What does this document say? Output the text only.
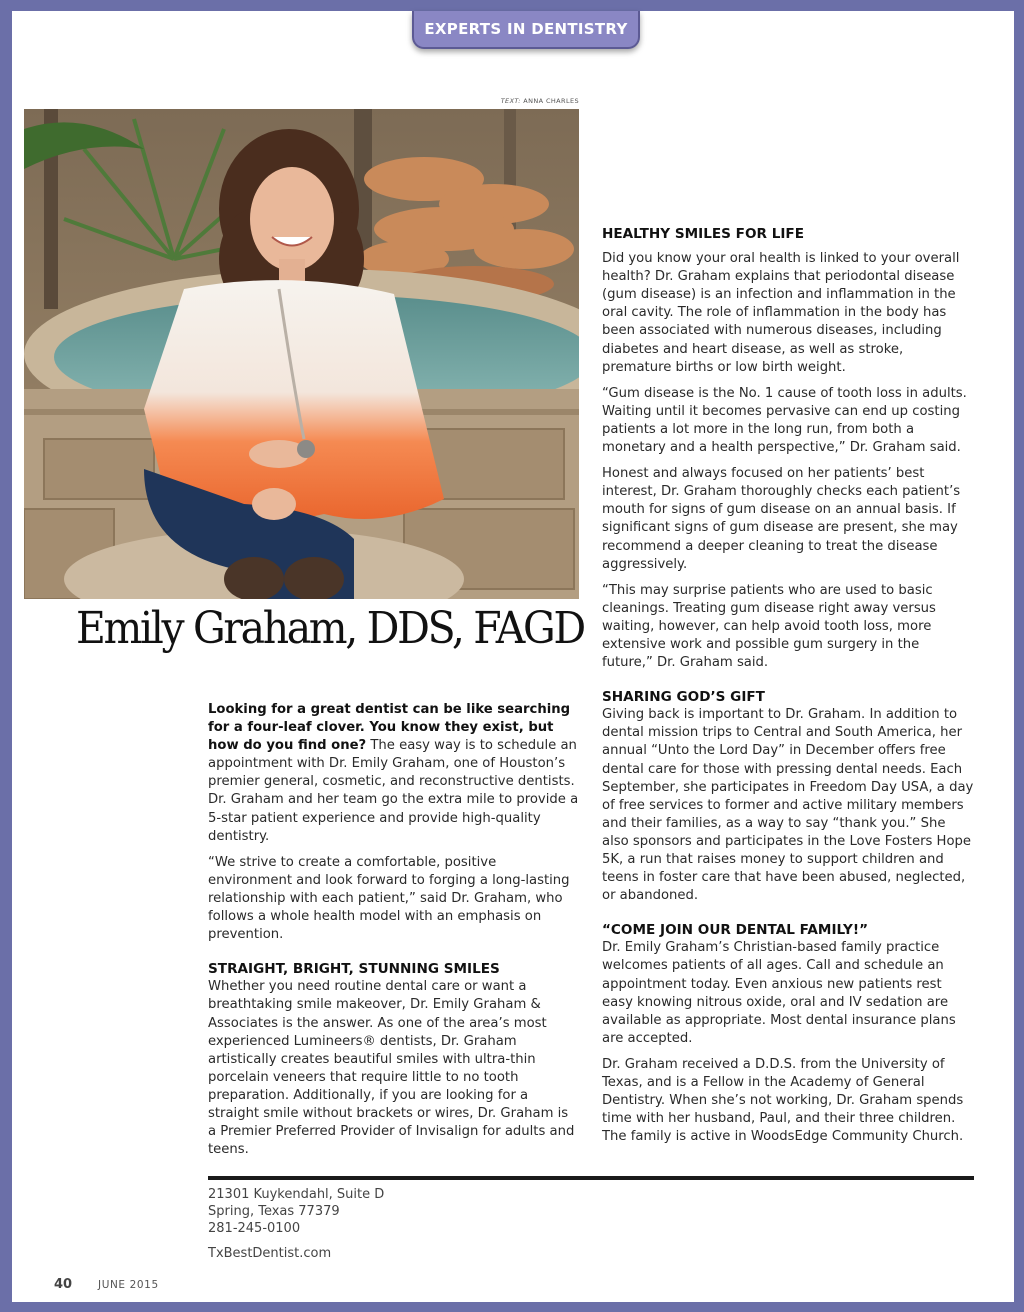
EXPERTS IN DENTISTRY
TEXT: ANNA CHARLES
Emily Graham, DDS, FAGD

Looking for a great dentist can be like searching for a four-leaf clover. You know they exist, but how do you find one? The easy way is to schedule an appointment with Dr. Emily Graham, one of Houston’s premier general, cosmetic, and reconstructive dentists. Dr. Graham and her team go the extra mile to provide a 5-star patient experience and provide high-quality dentistry.

“We strive to create a comfortable, positive environment and look forward to forging a long-lasting relationship with each patient,” said Dr. Graham, who follows a whole health model with an emphasis on prevention.

STRAIGHT, BRIGHT, STUNNING SMILES

Whether you need routine dental care or want a breathtaking smile makeover, Dr. Emily Graham & Associates is the answer. As one of the area’s most experienced Lumineers® dentists, Dr. Graham artistically creates beautiful smiles with ultra-thin porcelain veneers that require little to no tooth preparation. Additionally, if you are looking for a straight smile without brackets or wires, Dr. Graham is a Premier Preferred Provider of Invisalign for adults and teens.

HEALTHY SMILES FOR LIFE

Did you know your oral health is linked to your overall health? Dr. Graham explains that periodontal disease (gum disease) is an infection and inflammation in the oral cavity. The role of inflammation in the body has been associated with numerous diseases, including diabetes and heart disease, as well as stroke, premature births or low birth weight.

“Gum disease is the No. 1 cause of tooth loss in adults. Waiting until it becomes pervasive can end up costing patients a lot more in the long run, from both a monetary and a health perspective,” Dr. Graham said.

Honest and always focused on her patients’ best interest, Dr. Graham thoroughly checks each patient’s mouth for signs of gum disease on an annual basis. If significant signs of gum disease are present, she may recommend a deeper cleaning to treat the disease aggressively.

“This may surprise patients who are used to basic cleanings. Treating gum disease right away versus waiting, however, can help avoid tooth loss, more extensive work and possible gum surgery in the future,” Dr. Graham said.

SHARING GOD’S GIFT

Giving back is important to Dr. Graham. In addition to dental mission trips to Central and South America, her annual “Unto the Lord Day” in December offers free dental care for those with pressing dental needs. Each September, she participates in Freedom Day USA, a day of free services to former and active military members and their families, as a way to say “thank you.” She also sponsors and participates in the Love Fosters Hope 5K, a run that raises money to support children and teens in foster care that have been abused, neglected, or abandoned.

“COME JOIN OUR DENTAL FAMILY!”

Dr. Emily Graham’s Christian-based family practice welcomes patients of all ages. Call and schedule an appointment today. Even anxious new patients rest easy knowing nitrous oxide, oral and IV sedation are available as appropriate. Most dental insurance plans are accepted.

Dr. Graham received a D.D.S. from the University of Texas, and is a Fellow in the Academy of General Dentistry. When she’s not working, Dr. Graham spends time with her husband, Paul, and their three children. The family is active in WoodsEdge Community Church.

21301 Kuykendahl, Suite D
Spring, Texas 77379
281-245-0100
TxBestDentist.com
40 JUNE 2015
